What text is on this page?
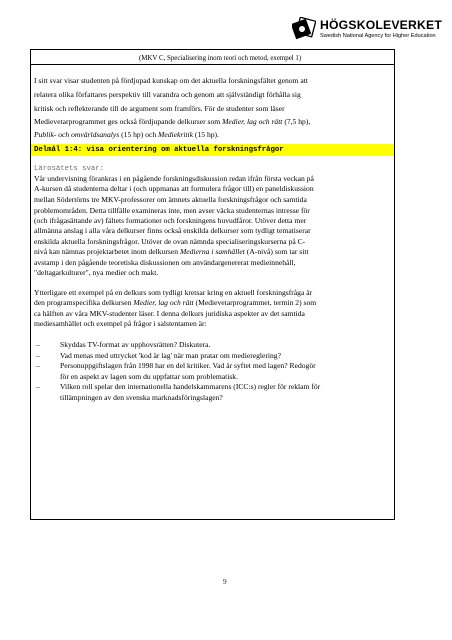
HÖGSKOLEVERKET
Swedish National Agency for Higher Education
(MKV C, Specialisering inom teori och metod, exempel 1)
I sitt svar visar studenten på fördjupad kunskap om det aktuella forskningsfältet genom att
relatera olika författares perspektiv till varandra och genom att självständigt förhålla sig
kritisk och reflekterande till de argument som framförs. För de studenter som läser
Medievetarprogrammet ges också fördjupande delkurser som Medier, lag och rätt (7,5 hp),
Publik- och omvärldsanalys (15 hp) och Mediekritik (15 hp).
Delmål 1:4: visa orientering om aktuella forskningsfrågor
Lärosätets svar:
Vår undervisning förankras i en pågående forskningsdiskussion redan ifrån första veckan på
A-kursen då studenterna deltar i (och uppmanas att formulera frågor till) en paneldiskussion
mellan Södertörns tre MKV-professorer om ämnets aktuella forskningsfrågor och samtida
problemområden. Detta tillfälle examineras inte, men avser väcka studenternas intresse för
(och ifrågasättande av) fältets formationer och forskningens huvudfåror. Utöver detta mer
allmänna anslag i alla våra delkurser finns också enskilda delkurser som tydligt tematiserar
enskilda aktuella forskningsfrågor. Utöver de ovan nämnda specialiseringskurserna på C-
nivå kan nämnas projektarbetet inom delkursen Medierna i samhället (A-nivå) som tar sitt
avstamp i den pågående teoretiska diskussionen om användargenererat medieinnehåll,
"deltagarkulturer", nya medier och makt.
Ytterligare ett exempel på en delkurs som tydligt kretsar kring en aktuell forskningsfråga är
den programspecifika delkursen Medier, lag och rätt (Medievetarprogrammet, termin 2) som
ca hälften av våra MKV-studenter läser. I denna delkurs juridiska aspekter av det samtida
mediesamhället och exempel på frågor i salstentamen är:
–	Skyddas TV-format av upphovsrätten? Diskutera.
–	Vad menas med uttrycket 'kod är lag' när man pratar om mediereglering?
–	Personuppgiftslagen från 1998 har en del kritiker. Vad är syftet med lagen? Redogör
för en aspekt av lagen som du uppfattar som problematisk.
–	Vilken roll spelar den internationella handelskammarens (ICC:s) regler för reklam för
tillämpningen av den svenska marknadsföringslagen?
9
